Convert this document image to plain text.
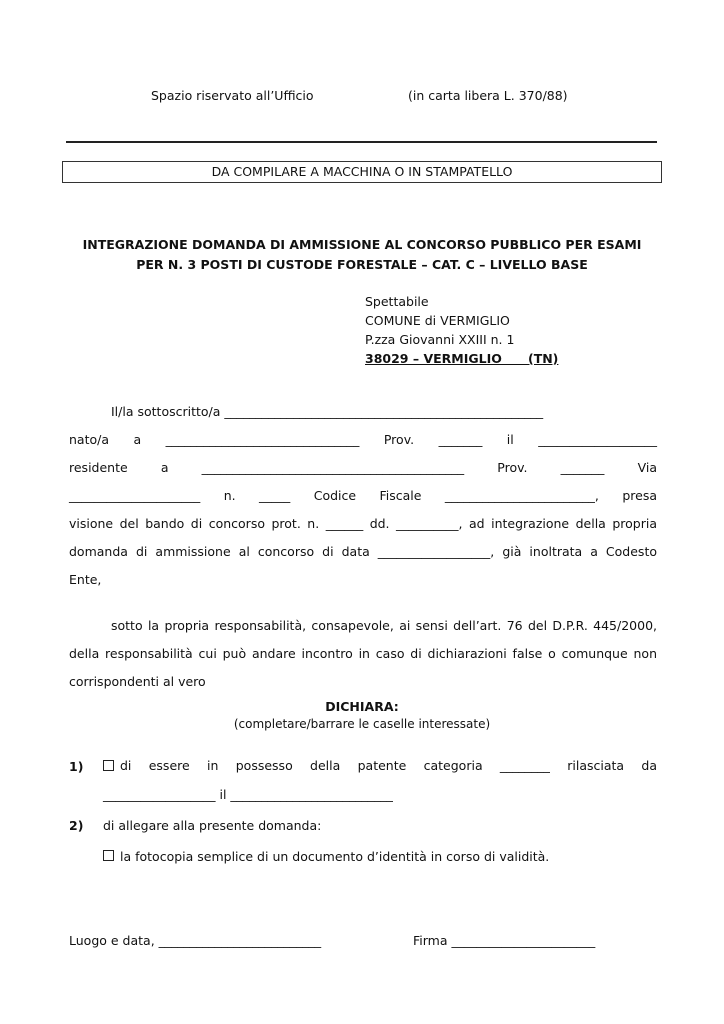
Spazio riservato all’Ufficio	(in carta libera L. 370/88)
DA COMPILARE A MACCHINA O IN STAMPATELLO
INTEGRAZIONE DOMANDA DI AMMISSIONE AL CONCORSO PUBBLICO PER ESAMI
PER N. 3 POSTI DI CUSTODE FORESTALE – CAT. C – LIVELLO BASE
Spettabile
COMUNE di VERMIGLIO
P.zza Giovanni XXIII n. 1
38029 – VERMIGLIO      (TN)
Il/la sottoscritto/a ___________________________________________________
nato/a a _______________________________ Prov. _______ il ___________________
residente a __________________________________________ Prov. _______ Via
_____________________ n. _____ Codice Fiscale ________________________, presa
visione del bando di concorso prot. n. ______ dd. __________, ad integrazione della propria
domanda di ammissione al concorso di data __________________, già inoltrata a Codesto
Ente,
sotto la propria responsabilità, consapevole, ai sensi dell’art. 76 del D.P.R. 445/2000,
della responsabilità cui può andare incontro in caso di dichiarazioni false o comunque non
corrispondenti al vero
DICHIARA:
(completare/barrare le caselle interessate)
1)	di essere in possesso della patente categoria ________ rilasciata da
__________________ il __________________________
2) di allegare alla presente domanda:
la fotocopia semplice di un documento d’identità in corso di validità.
Luogo e data, __________________________	Firma _______________________
